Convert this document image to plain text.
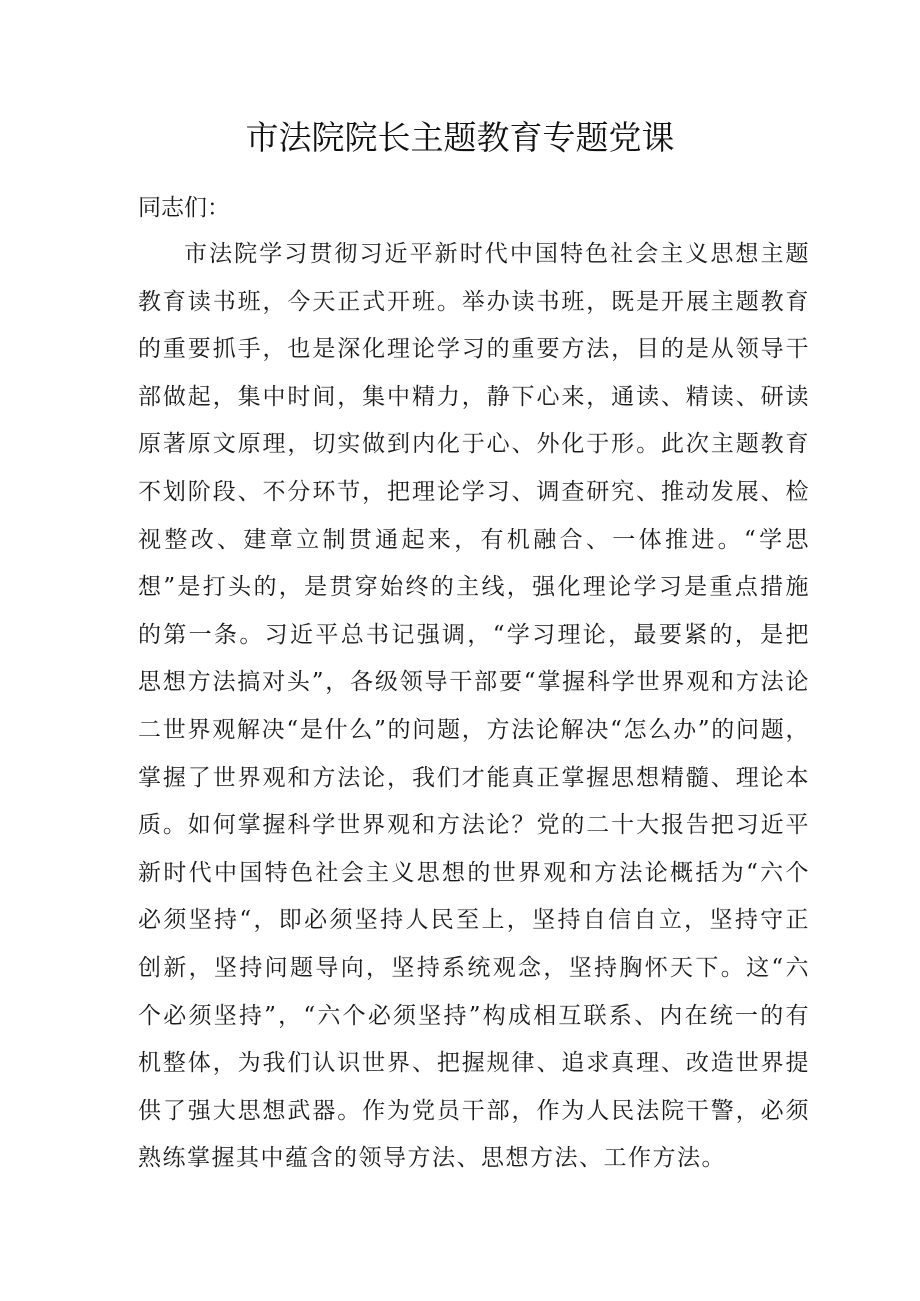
市法院院长主题教育专题党课

同志们：

市法院学习贯彻习近平新时代中国特色社会主义思想主题教育读书班，今天正式开班。举办读书班，既是开展主题教育的重要抓手，也是深化理论学习的重要方法，目的是从领导干部做起，集中时间，集中精力，静下心来，通读、精读、研读原著原文原理，切实做到内化于心、外化于形。此次主题教育不划阶段、不分环节，把理论学习、调查研究、推动发展、检视整改、建章立制贯通起来，有机融合、一体推进。“学思想”是打头的，是贯穿始终的主线，强化理论学习是重点措施的第一条。习近平总书记强调，“学习理论，最要紧的，是把思想方法搞对头”，各级领导干部要“掌握科学世界观和方法论二世界观解决“是什么”的问题，方法论解决“怎么办”的问题，掌握了世界观和方法论，我们才能真正掌握思想精髓、理论本质。如何掌握科学世界观和方法论？党的二十大报告把习近平新时代中国特色社会主义思想的世界观和方法论概括为“六个必须坚持“，即必须坚持人民至上，坚持自信自立，坚持守正创新，坚持问题导向，坚持系统观念，坚持胸怀天下。这“六个必须坚持”，“六个必须坚持”构成相互联系、内在统一的有机整体，为我们认识世界、把握规律、追求真理、改造世界提供了强大思想武器。作为党员干部，作为人民法院干警，必须熟练掌握其中蕴含的领导方法、思想方法、工作方法。
